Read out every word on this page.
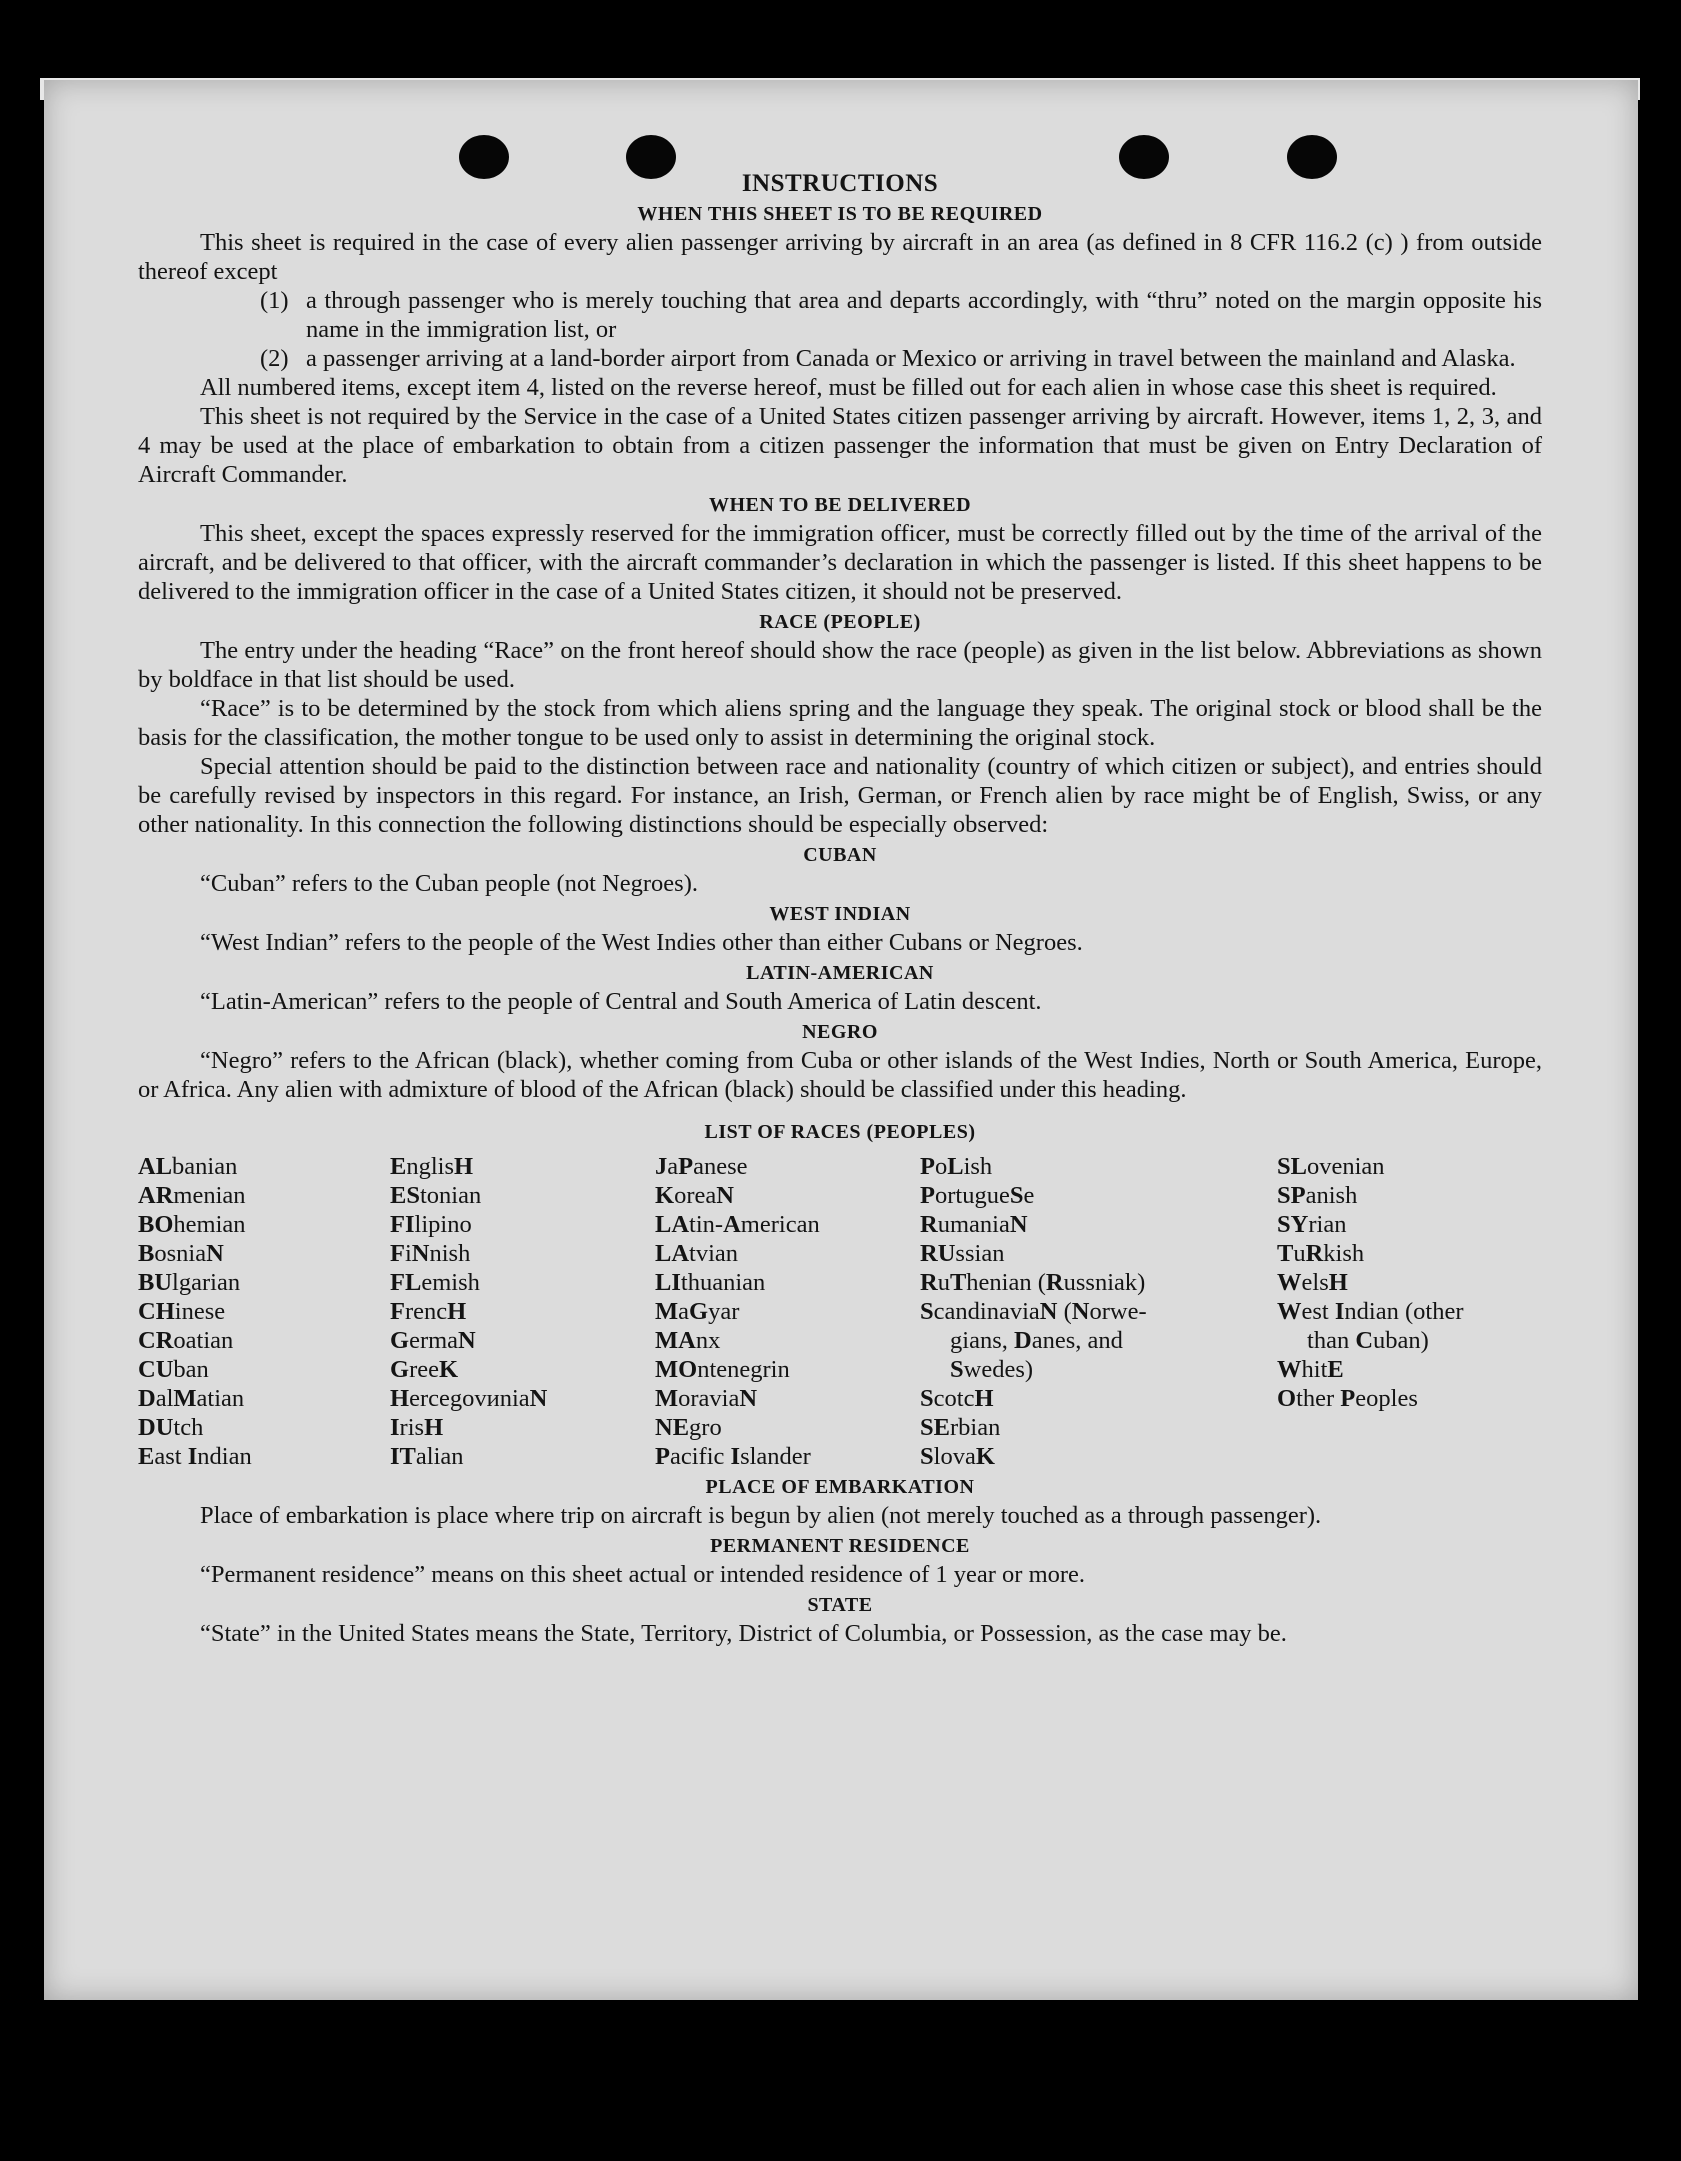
INSTRUCTIONS
WHEN THIS SHEET IS TO BE REQUIRED

This sheet is required in the case of every alien passenger arriving by aircraft in an area (as defined in 8 CFR 116.2 (c) ) from outside thereof except

(1) a through passenger who is merely touching that area and departs accordingly, with “thru” noted on the margin opposite his name in the immigration list, or
(2) a passenger arriving at a land-border airport from Canada or Mexico or arriving in travel between the mainland and Alaska.

All numbered items, except item 4, listed on the reverse hereof, must be filled out for each alien in whose case this sheet is required.

This sheet is not required by the Service in the case of a United States citizen passenger arriving by aircraft. However, items 1, 2, 3, and 4 may be used at the place of embarkation to obtain from a citizen passenger the information that must be given on Entry Declaration of Aircraft Commander.

WHEN TO BE DELIVERED

This sheet, except the spaces expressly reserved for the immigration officer, must be correctly filled out by the time of the arrival of the aircraft, and be delivered to that officer, with the aircraft commander’s declaration in which the passenger is listed. If this sheet happens to be delivered to the immigration officer in the case of a United States citizen, it should not be preserved.

RACE (PEOPLE)

The entry under the heading “Race” on the front hereof should show the race (people) as given in the list below. Abbreviations as shown by boldface in that list should be used.

“Race” is to be determined by the stock from which aliens spring and the language they speak. The original stock or blood shall be the basis for the classification, the mother tongue to be used only to assist in determining the original stock.

Special attention should be paid to the distinction between race and nationality (country of which citizen or subject), and entries should be carefully revised by inspectors in this regard. For instance, an Irish, German, or French alien by race might be of English, Swiss, or any other nationality. In this connection the following distinctions should be especially observed:

CUBAN

“Cuban” refers to the Cuban people (not Negroes).

WEST INDIAN

“West Indian” refers to the people of the West Indies other than either Cubans or Negroes.

LATIN-AMERICAN

“Latin-American” refers to the people of Central and South America of Latin descent.

NEGRO

“Negro” refers to the African (black), whether coming from Cuba or other islands of the West Indies, North or South America, Europe, or Africa. Any alien with admixture of blood of the African (black) should be classified under this heading.

LIST OF RACES (PEOPLES)
ALbanian
ARmenian
BOhemian
BosniaN
BUlgarian
CHinese
CRoatian
CUban
DalMatian
DUtch
East Indian
EnglisH
EStonian
FIlipino
FiNnish
FLemish
FrencH
GermaN
GreeK
HercegovиniaN
IrisH
ITalian
JaPanese
KoreaN
LAtin-American
LAtvian
LIthuanian
MaGyar
MAnx
MOntenegrin
MoraviaN
NEgro
Pacific Islander
PoLish
PortugueSe
RumaniaN
RUssian
RuThenian (Russniak)
ScandinaviaN (Norwe-
gians, Danes, and
Swedes)
ScotcH
SErbian
SlovaK
SLovenian
SPanish
SYrian
TuRkish
WelsH
West Indian (other
than Cuban)
WhitE
Other Peoples
PLACE OF EMBARKATION

Place of embarkation is place where trip on aircraft is begun by alien (not merely touched as a through passenger).

PERMANENT RESIDENCE

“Permanent residence” means on this sheet actual or intended residence of 1 year or more.

STATE

“State” in the United States means the State, Territory, District of Columbia, or Possession, as the case may be.
